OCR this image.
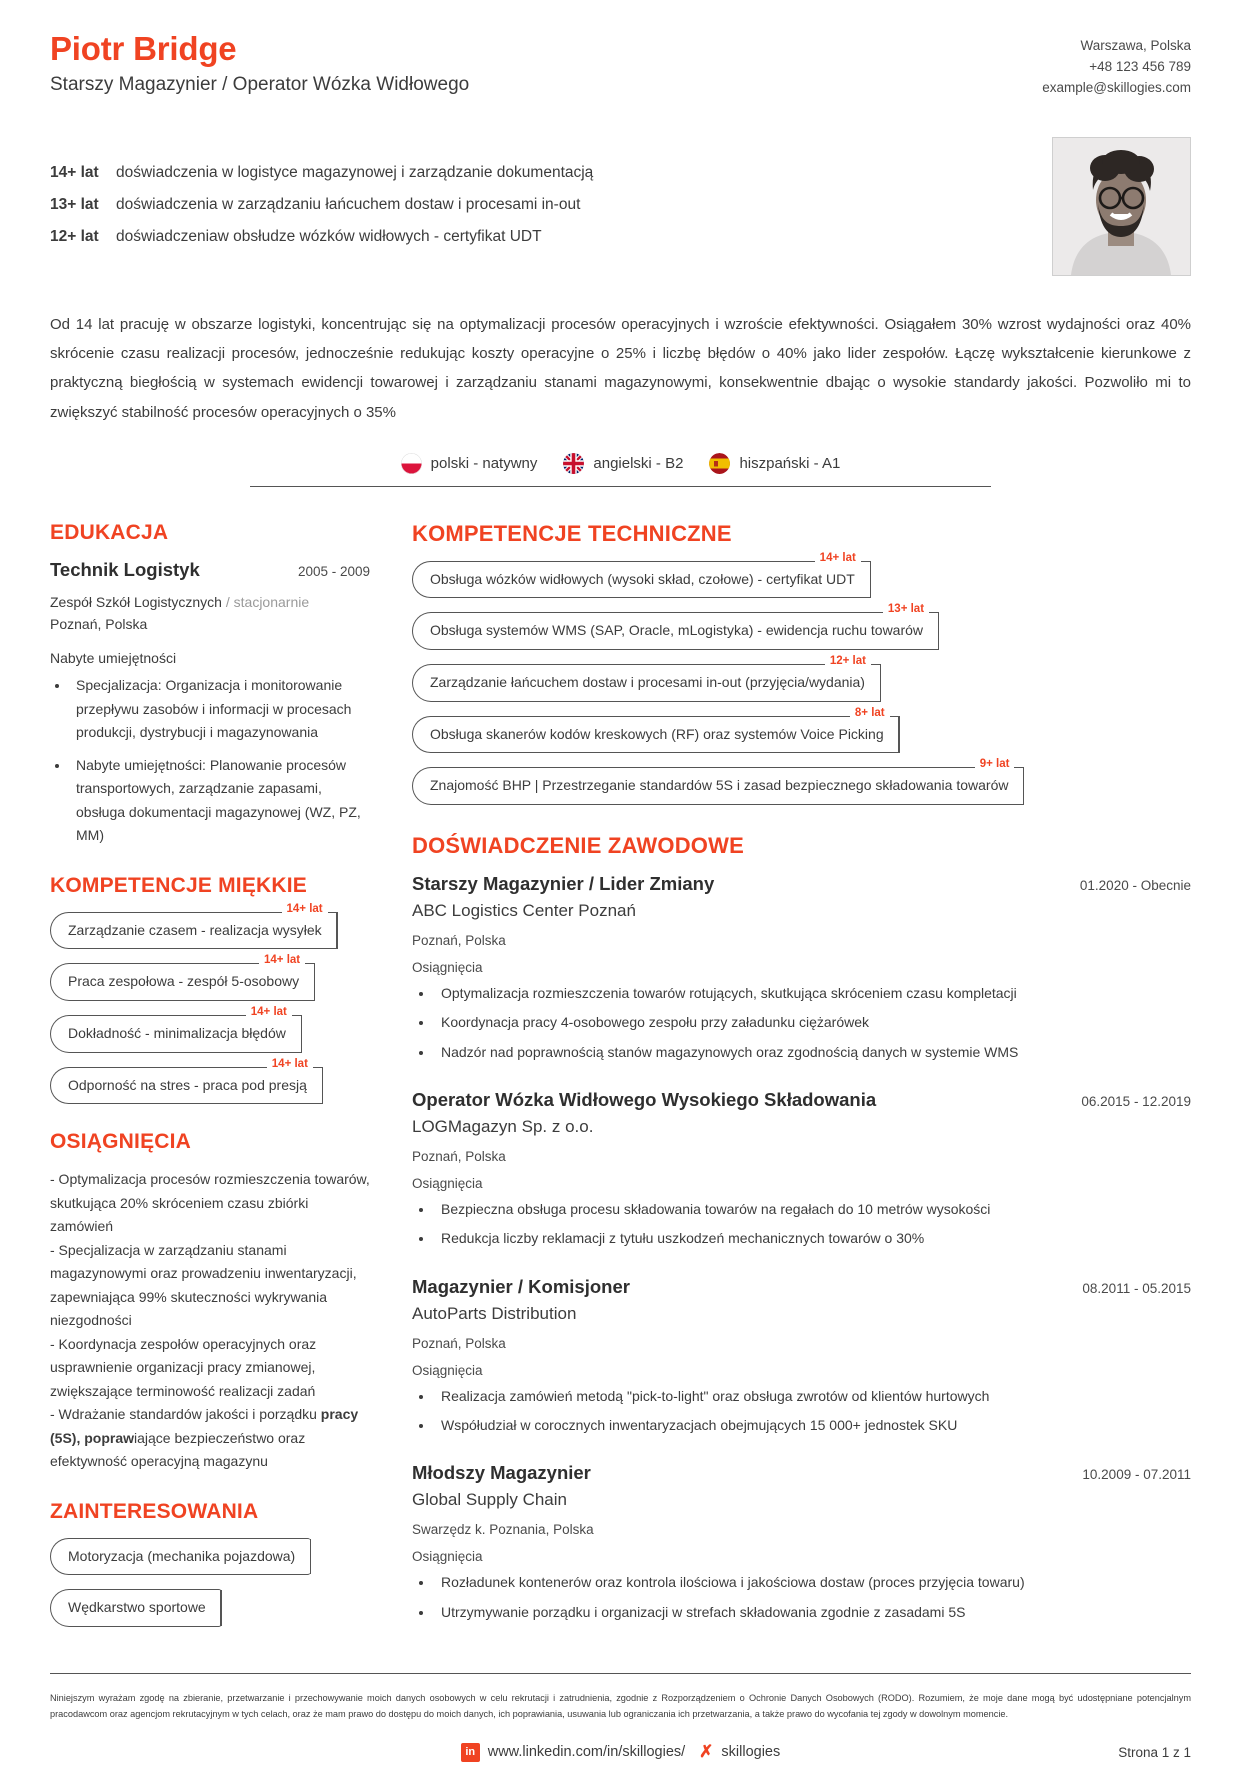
Piotr Bridge
Starszy Magazynier / Operator Wózka Widłowego
Warszawa, Polska
+48 123 456 789
example@skillogies.com
14+ lat doświadczenia w logistyce magazynowej i zarządzanie dokumentacją
13+ lat doświadczenia w zarządzaniu łańcuchem dostaw i procesami in-out
12+ lat doświadczeniaw obsłudze wózków widłowych - certyfikat UDT
Od 14 lat pracuję w obszarze logistyki, koncentrując się na optymalizacji procesów operacyjnych i wzroście efektywności. Osiągałem 30% wzrost wydajności oraz 40% skrócenie czasu realizacji procesów, jednocześnie redukując koszty operacyjne o 25% i liczbę błędów o 40% jako lider zespołów. Łączę wykształcenie kierunkowe z praktyczną biegłością w systemach ewidencji towarowej i zarządzaniu stanami magazynowymi, konsekwentnie dbając o wysokie standardy jakości. Pozwoliło mi to zwiększyć stabilność procesów operacyjnych o 35%
polski - natywny	angielski - B2	hiszpański - A1
EDUKACJA
Technik Logistyk	2005 - 2009
Zespół Szkół Logistycznych / stacjonarnie
Poznań, Polska
Nabyte umiejętności
• Specjalizacja: Organizacja i monitorowanie przepływu zasobów i informacji w procesach produkcji, dystrybucji i magazynowania
• Nabyte umiejętności: Planowanie procesów transportowych, zarządzanie zapasami, obsługa dokumentacji magazynowej (WZ, PZ, MM)
KOMPETENCJE MIĘKKIE
Zarządzanie czasem - realizacja wysyłek
14+ lat
Praca zespołowa - zespół 5-osobowy
14+ lat
Dokładność - minimalizacja błędów
14+ lat
Odporność na stres - praca pod presją
14+ lat
OSIĄGNIĘCIA
- Optymalizacja procesów rozmieszczenia towarów, skutkująca 20% skróceniem czasu zbiórki zamówień
- Specjalizacja w zarządzaniu stanami magazynowymi oraz prowadzeniu inwentaryzacji, zapewniająca 99% skuteczności wykrywania niezgodności
- Koordynacja zespołów operacyjnych oraz usprawnienie organizacji pracy zmianowej, zwiększające terminowość realizacji zadań
- Wdrażanie standardów jakości i porządku pracy (5S), poprawiające bezpieczeństwo oraz efektywność operacyjną magazynu
ZAINTERESOWANIA
Motoryzacja (mechanika pojazdowa)
Wędkarstwo sportowe
KOMPETENCJE TECHNICZNE
Obsługa wózków widłowych (wysoki skład, czołowe) - certyfikat UDT
14+ lat
Obsługa systemów WMS (SAP, Oracle, mLogistyka) - ewidencja ruchu towarów
13+ lat
Zarządzanie łańcuchem dostaw i procesami in-out (przyjęcia/wydania)
12+ lat
Obsługa skanerów kodów kreskowych (RF) oraz systemów Voice Picking
8+ lat
Znajomość BHP | Przestrzeganie standardów 5S i zasad bezpiecznego składowania towarów
9+ lat
DOŚWIADCZENIE ZAWODOWE
Starszy Magazynier / Lider Zmiany	01.2020 - Obecnie
ABC Logistics Center Poznań
Poznań, Polska
Osiągnięcia
• Optymalizacja rozmieszczenia towarów rotujących, skutkująca skróceniem czasu kompletacji
• Koordynacja pracy 4-osobowego zespołu przy załadunku ciężarówek
• Nadzór nad poprawnością stanów magazynowych oraz zgodnością danych w systemie WMS
Operator Wózka Widłowego Wysokiego Składowania	06.2015 - 12.2019
LOGMagazyn Sp. z o.o.
Poznań, Polska
Osiągnięcia
• Bezpieczna obsługa procesu składowania towarów na regałach do 10 metrów wysokości
• Redukcja liczby reklamacji z tytułu uszkodzeń mechanicznych towarów o 30%
Magazynier / Komisjoner	08.2011 - 05.2015
AutoParts Distribution
Poznań, Polska
Osiągnięcia
• Realizacja zamówień metodą "pick-to-light" oraz obsługa zwrotów od klientów hurtowych
• Współudział w corocznych inwentaryzacjach obejmujących 15 000+ jednostek SKU
Młodszy Magazynier	10.2009 - 07.2011
Global Supply Chain
Swarzędz k. Poznania, Polska
Osiągnięcia
• Rozładunek kontenerów oraz kontrola ilościowa i jakościowa dostaw (proces przyjęcia towaru)
• Utrzymywanie porządku i organizacji w strefach składowania zgodnie z zasadami 5S
Niniejszym wyrażam zgodę na zbieranie, przetwarzanie i przechowywanie moich danych osobowych w celu rekrutacji i zatrudnienia, zgodnie z Rozporządzeniem o Ochronie Danych Osobowych (RODO). Rozumiem, że moje dane mogą być udostępniane potencjalnym pracodawcom oraz agencjom rekrutacyjnym w tych celach, oraz że mam prawo do dostępu do moich danych, ich poprawiania, usuwania lub ograniczania ich przetwarzania, a także prawo do wycofania tej zgody w dowolnym momencie.
in www.linkedin.com/in/skillogies/ ✗ skillogies	Strona 1 z 1
